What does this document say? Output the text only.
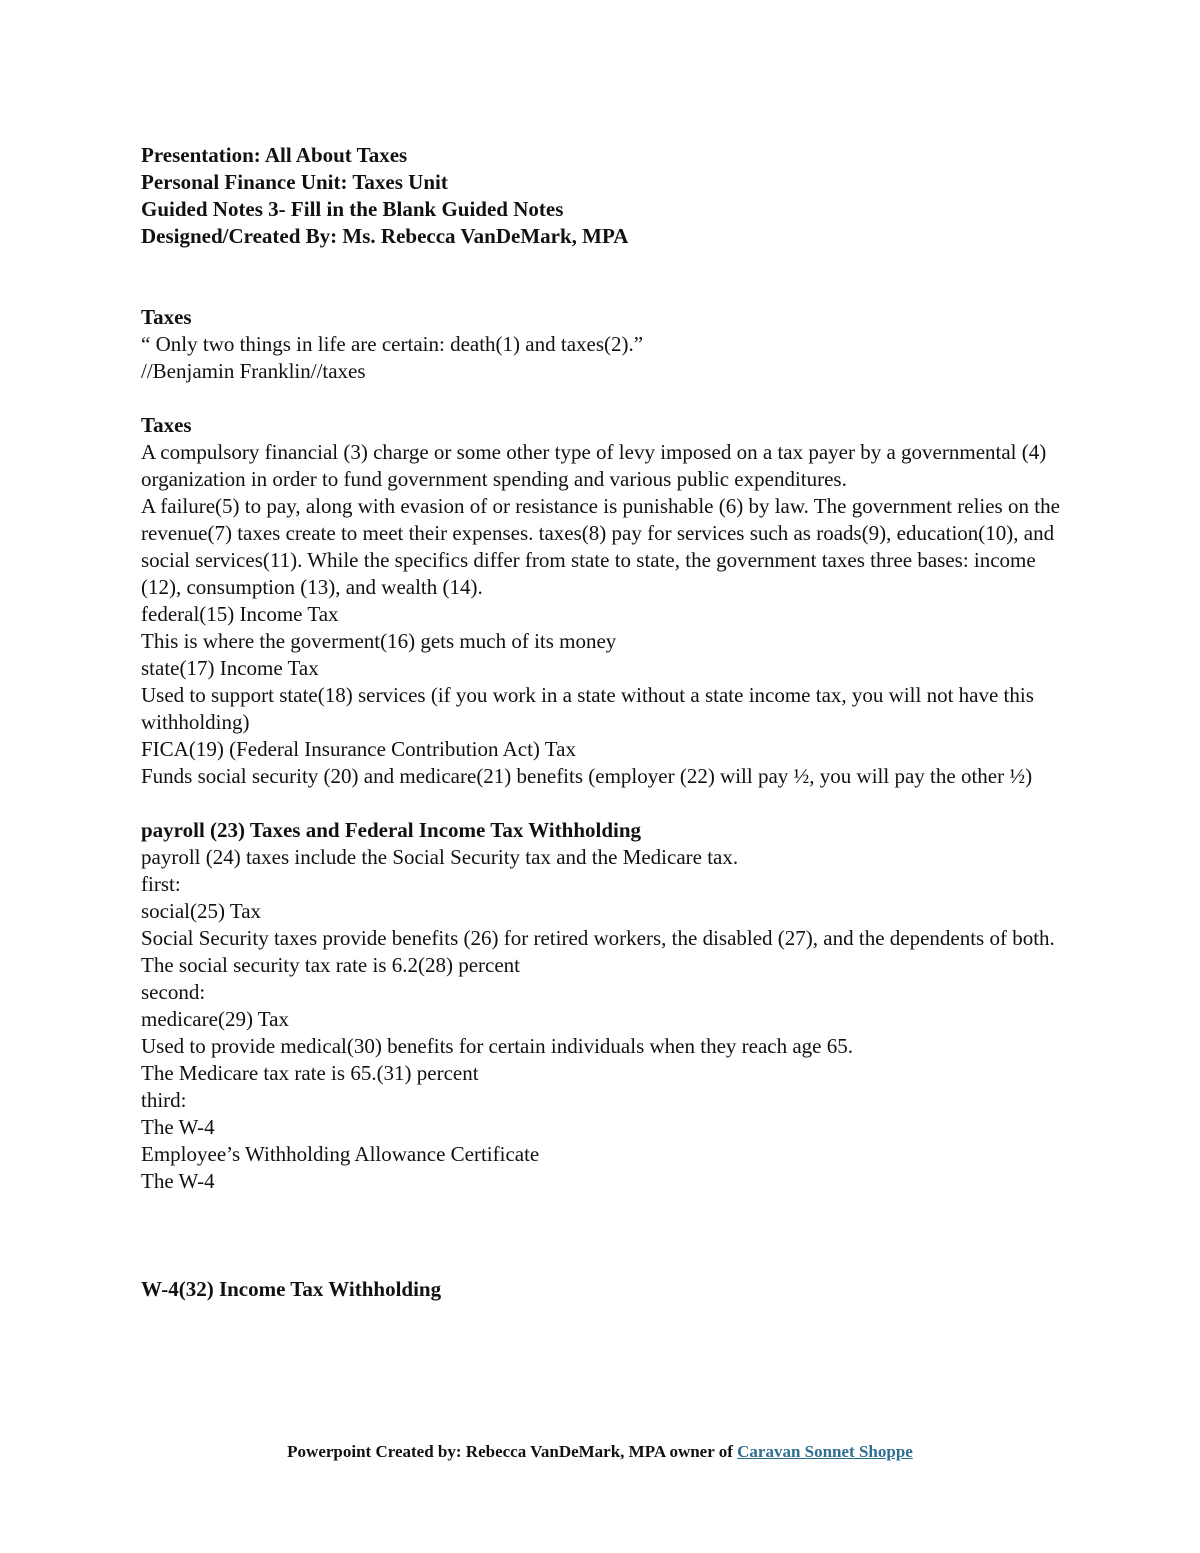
Presentation: All About Taxes
Personal Finance Unit: Taxes Unit
Guided Notes 3- Fill in the Blank Guided Notes
Designed/Created By: Ms. Rebecca VanDeMark, MPA
Taxes
“ Only two things in life are certain: death(1) and taxes(2).”
//Benjamin Franklin//taxes
Taxes
A compulsory financial (3) charge or some other type of levy imposed on a tax payer by a governmental (4) organization in order to fund government spending and various public expenditures.
A failure(5) to pay, along with evasion of or resistance is punishable (6) by law. The government relies on the revenue(7) taxes create to meet their expenses. taxes(8) pay for services such as roads(9), education(10), and social services(11). While the specifics differ from state to state, the government taxes three bases: income (12), consumption (13), and wealth (14).
federal(15) Income Tax
This is where the goverment(16) gets much of its money
state(17) Income Tax
Used to support state(18) services (if you work in a state without a state income tax, you will not have this withholding)
FICA(19) (Federal Insurance Contribution Act) Tax
Funds social security (20) and medicare(21) benefits (employer (22) will pay ½, you will pay the other ½)
payroll (23) Taxes and Federal Income Tax Withholding
payroll (24) taxes include the Social Security tax and the Medicare tax.
first:
social(25) Tax
Social Security taxes provide benefits (26) for retired workers, the disabled (27), and the dependents of both.
The social security tax rate is 6.2(28) percent
second:
medicare(29) Tax
Used to provide medical(30) benefits for certain individuals when they reach age 65.
The Medicare tax rate is 65.(31) percent
third:
The W-4
Employee’s Withholding Allowance Certificate
The W-4
W-4(32) Income Tax Withholding
Powerpoint Created by: Rebecca VanDeMark, MPA owner of Caravan Sonnet Shoppe
